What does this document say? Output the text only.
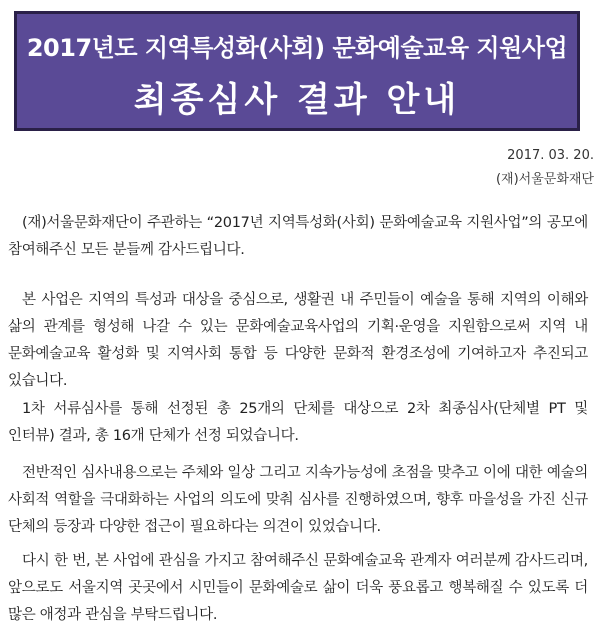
2017년도 지역특성화(사회) 문화예술교육 지원사업
최종심사 결과 안내
2017. 03. 20.
(재)서울문화재단

(재)서울문화재단이 주관하는 “2017년 지역특성화(사회) 문화예술교육 지원사업”의 공모에 참여해주신 모든 분들께 감사드립니다.

본 사업은 지역의 특성과 대상을 중심으로, 생활권 내 주민들이 예술을 통해 지역의 이해와 삶의 관계를 형성해 나갈 수 있는 문화예술교육사업의 기획·운영을 지원함으로써 지역 내 문화예술교육 활성화 및 지역사회 통합 등 다양한 문화적 환경조성에 기여하고자 추진되고 있습니다.

1차 서류심사를 통해 선정된 총 25개의 단체를 대상으로 2차 최종심사(단체별 PT 및 인터뷰) 결과, 총 16개 단체가 선정 되었습니다.

전반적인 심사내용으로는 주체와 일상 그리고 지속가능성에 초점을 맞추고 이에 대한 예술의 사회적 역할을 극대화하는 사업의 의도에 맞춰 심사를 진행하였으며, 향후 마을성을 가진 신규 단체의 등장과 다양한 접근이 필요하다는 의견이 있었습니다.

다시 한 번, 본 사업에 관심을 가지고 참여해주신 문화예술교육 관계자 여러분께 감사드리며, 앞으로도 서울지역 곳곳에서 시민들이 문화예술로 삶이 더욱 풍요롭고 행복해질 수 있도록 더 많은 애정과 관심을 부탁드립니다.
